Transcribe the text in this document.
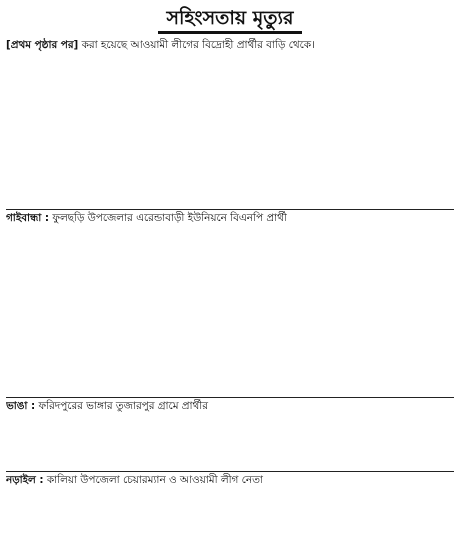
সহিংসতায় মৃত্যুর
[প্রথম পৃষ্ঠার পর] করা হয়েছে আওয়ামী লীগের বিদ্রোহী প্রার্থীর বাড়ি থেকে।
গাইবান্ধা : ফুলছড়ি উপজেলার এরেন্ডাবাড়ী ইউনিয়নে বিএনপি প্রার্থী
ভাঙা : ফরিদপুরের ভাঙ্গার তুজারপুর গ্রামে প্রার্থীর
নড়াইল : কালিয়া উপজেলা চেয়ারম্যান ও আওয়ামী লীগ নেতা
